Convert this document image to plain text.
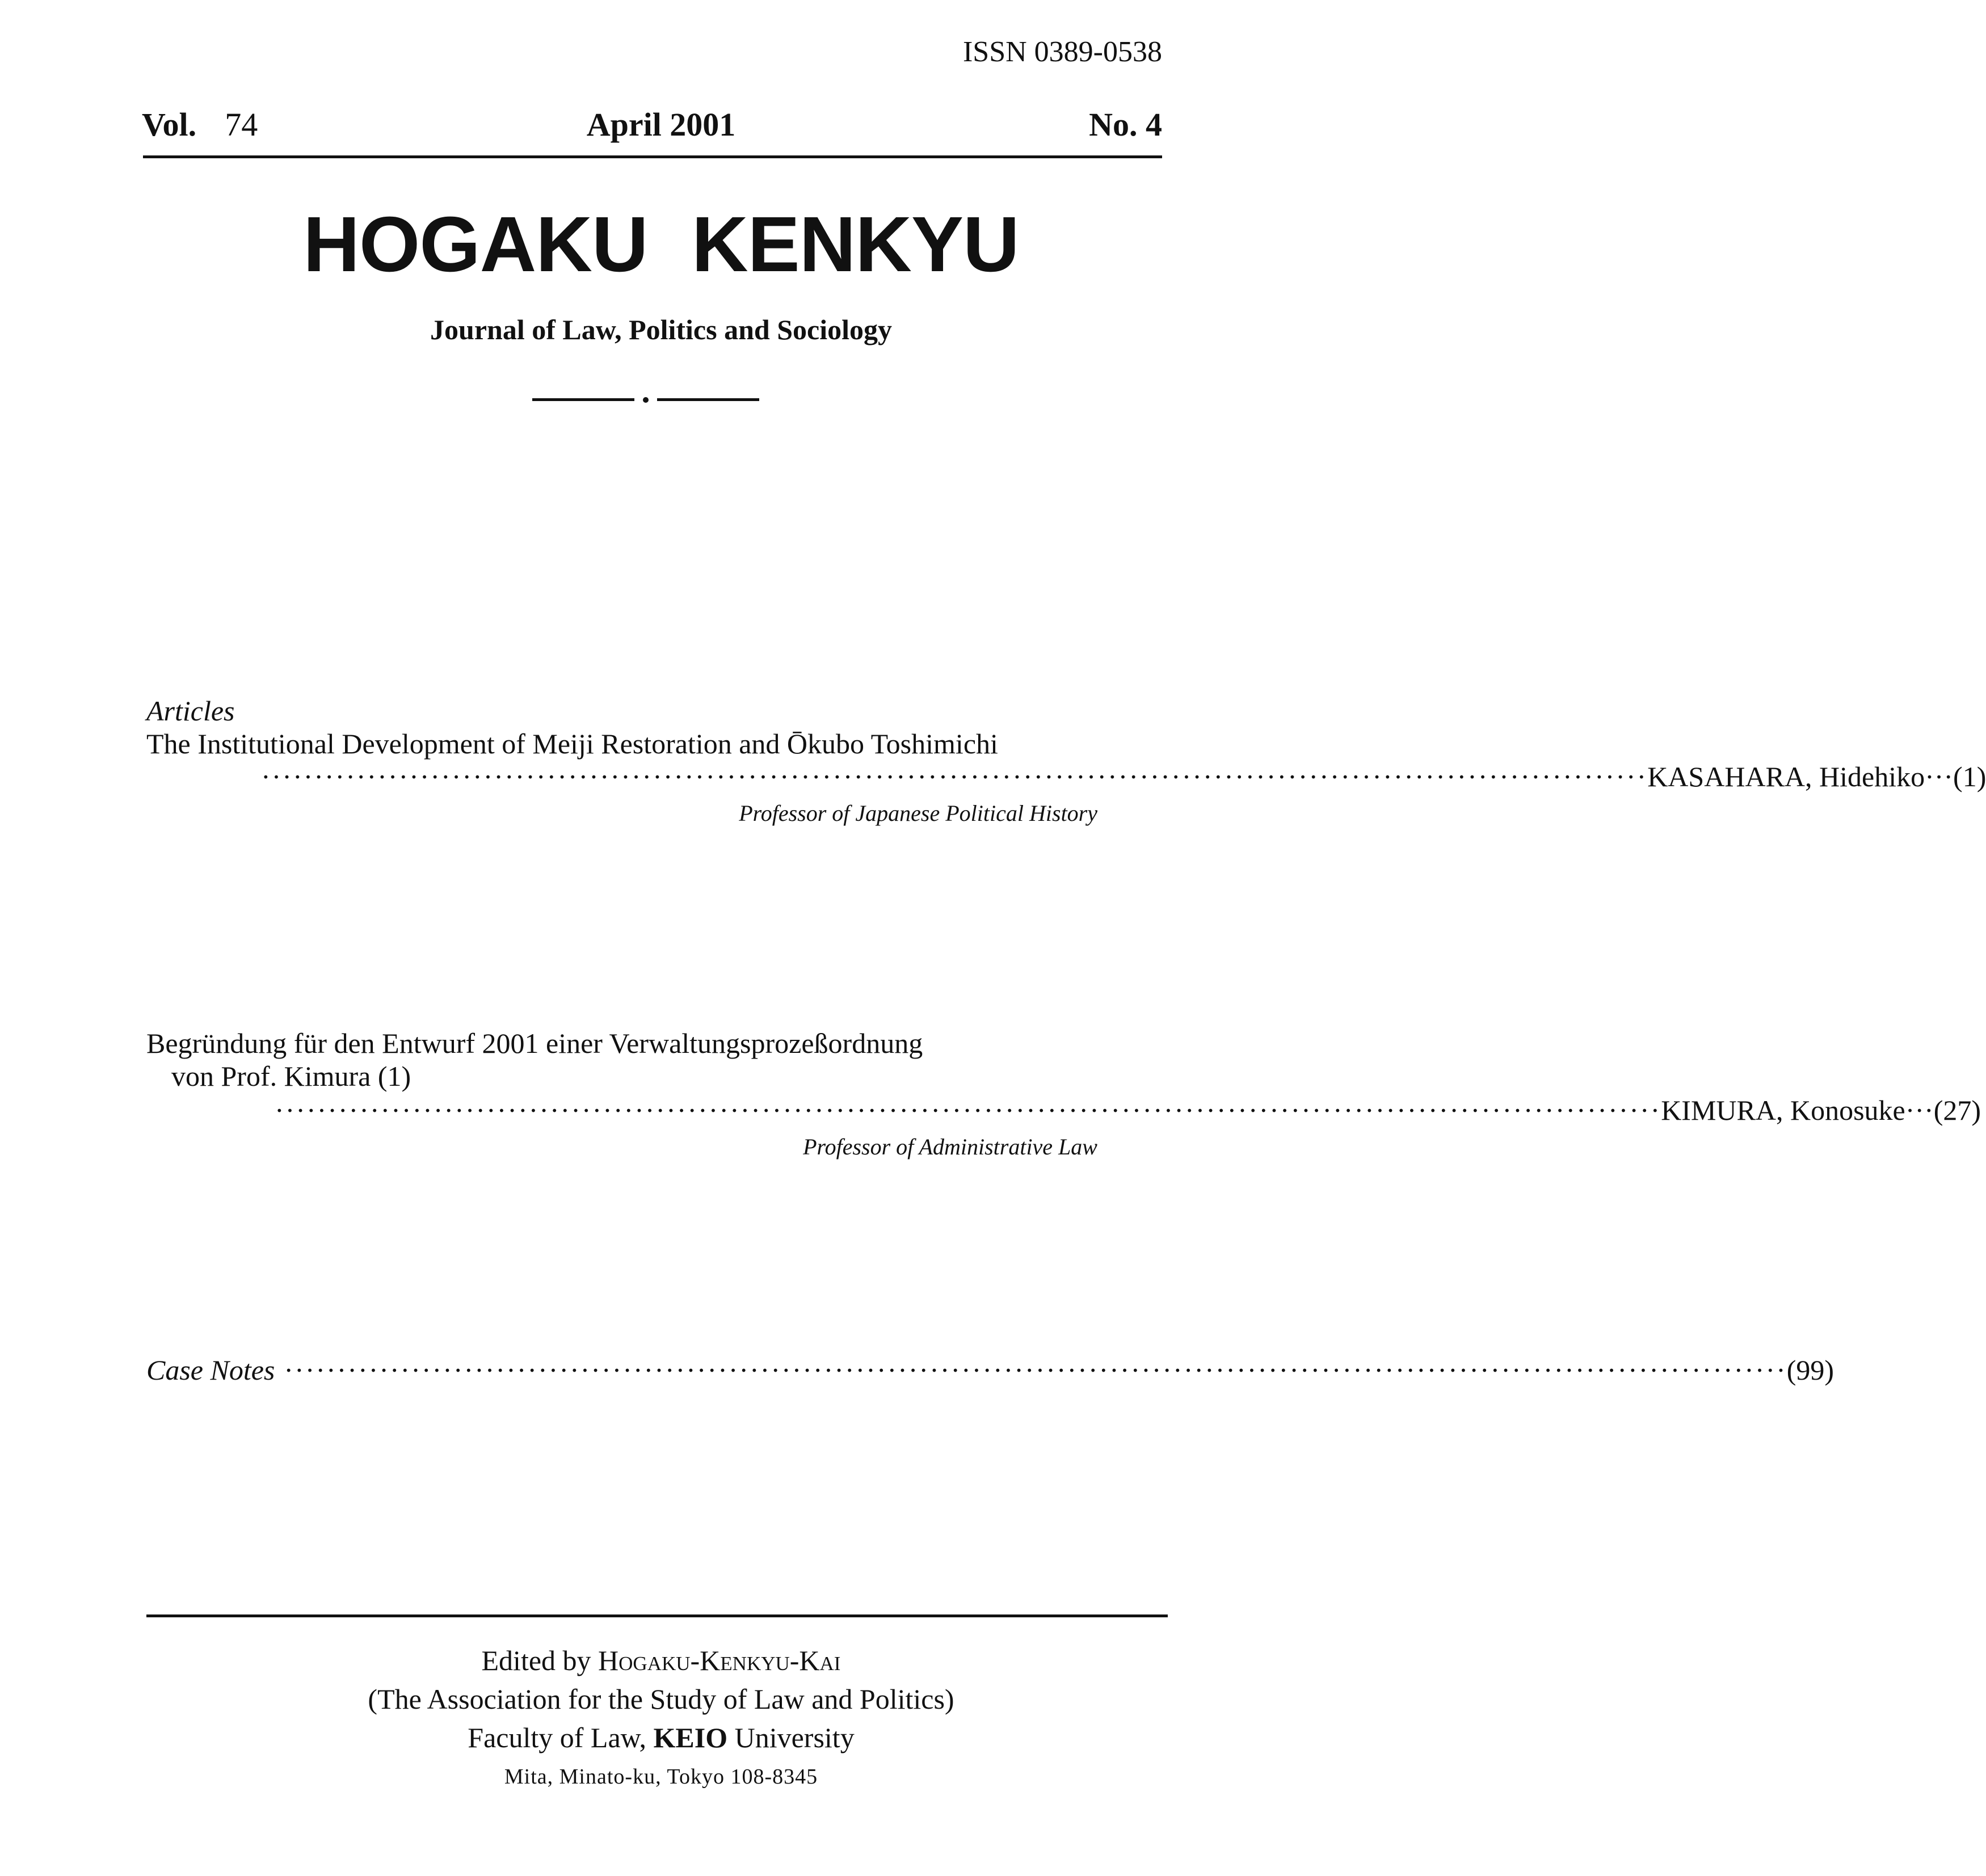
ISSN 0389-0538
Vol. 74	April 2001	No. 4
HOGAKU KENKYU
Journal of Law, Politics and Sociology
Articles
The Institutional Development of Meiji Restoration and Ōkubo Toshimichi
··································································································································· KASAHARA, Hidehiko ···( 1 )
Professor of Japanese Political History
Begründung für den Entwurf 2001 einer Verwaltungsprozeßordnung
von Prof. Kimura (1)
··································································································································· KIMURA, Konosuke ···( 27 )
Professor of Administrative Law
Case Notes ·············································································································································· ( 99 )
Edited by Hogaku-Kenkyu-Kai
(The Association for the Study of Law and Politics)
Faculty of Law, KEIO University
Mita, Minato-ku, Tokyo 108-8345
